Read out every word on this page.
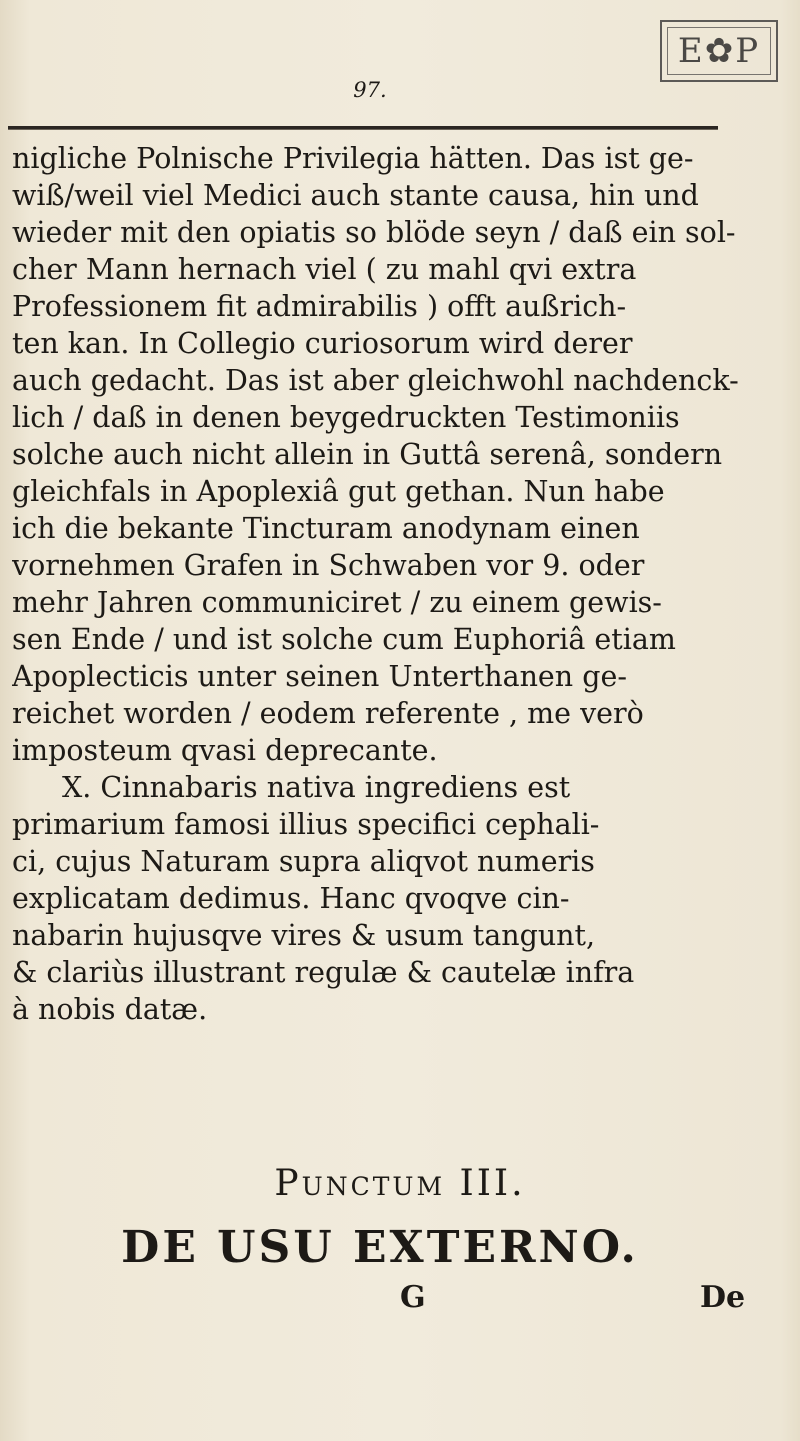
E✿P
97.
nigliche Polnische Privilegia hätten. Das ist ge-
wiß/weil viel Medici auch stante causa, hin und
wieder mit den opiatis so blöde seyn / daß ein sol-
cher Mann hernach viel ( zu mahl qvi extra
Professionem fit admirabilis ) offt außrich-
ten kan. In Collegio curiosorum wird derer
auch gedacht. Das ist aber gleichwohl nachdenck-
lich / daß in denen beygedruckten Testimoniis
solche auch nicht allein in Guttâ serenâ, sondern
gleichfals in Apoplexiâ gut gethan. Nun habe
ich die bekante Tincturam anodynam einen
vornehmen Grafen in Schwaben vor 9. oder
mehr Jahren communiciret / zu einem gewis-
sen Ende / und ist solche cum Euphoriâ etiam
Apoplecticis unter seinen Unterthanen ge-
reichet worden / eodem referente , me verò
imposteum qvasi deprecante.
X. Cinnabaris nativa ingrediens est
primarium famosi illius specifici cephali-
ci, cujus Naturam supra aliqvot numeris
explicatam dedimus. Hanc qvoqve cin-
nabarin hujusqve vires & usum tangunt,
& clariùs illustrant regulæ & cautelæ infra
à nobis datæ.
Punctum III.
DE USU EXTERNO.
G	De
